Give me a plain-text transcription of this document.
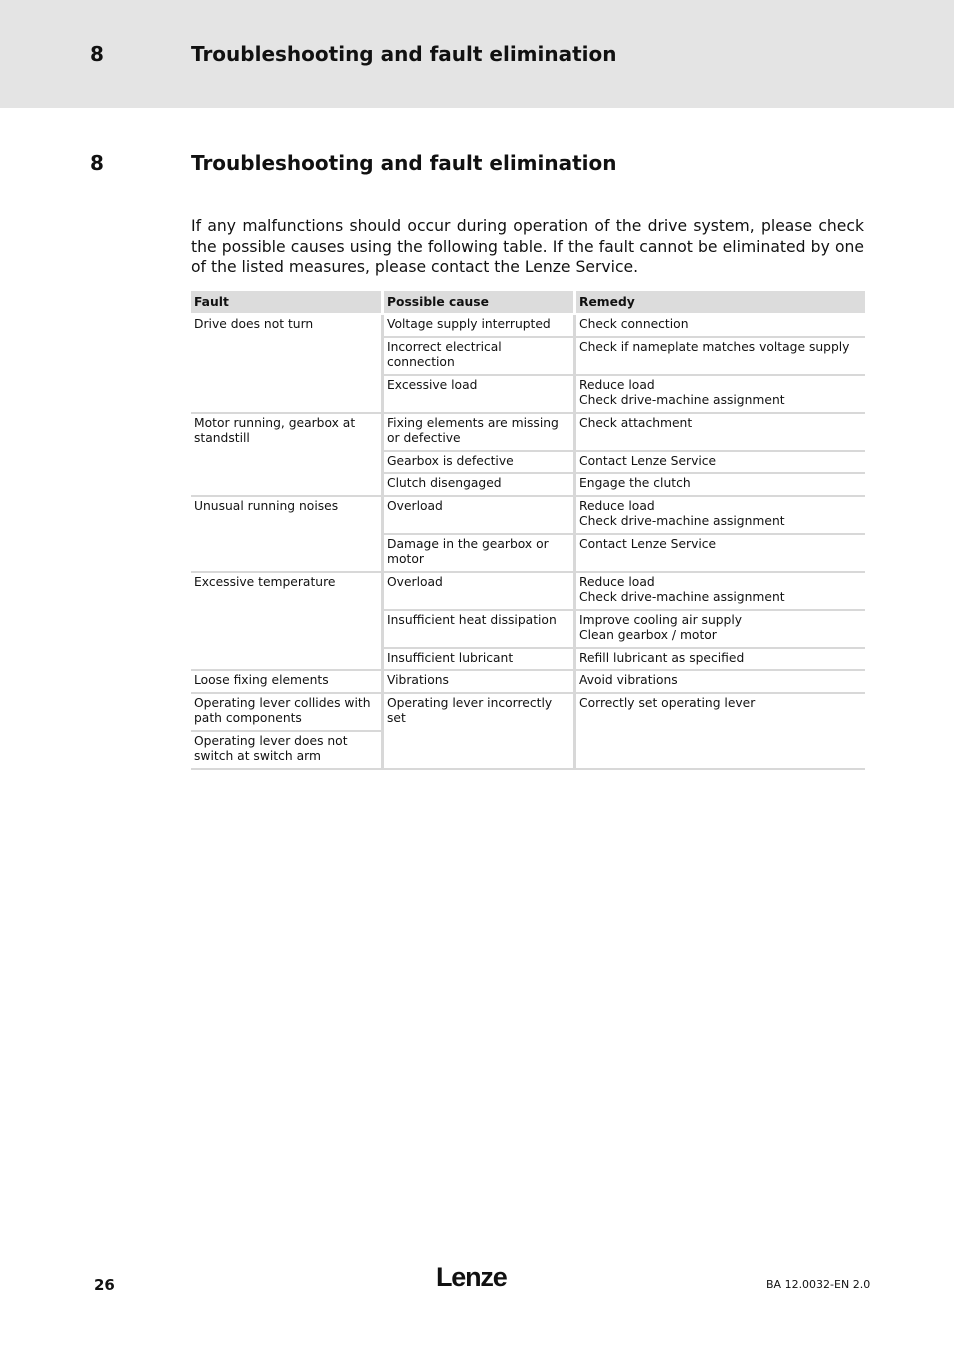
8	Troubleshooting and fault elimination
8	Troubleshooting and fault elimination

If any malfunctions should occur during operation of the drive system, please check the possible causes using the following table. If the fault cannot be eliminated by one of the listed measures, please contact the Lenze Service.

Fault	Possible cause	Remedy
Drive does not turn	Voltage supply interrupted	Check connection
	Incorrect electrical connection	Check if nameplate matches voltage supply
	Excessive load	Reduce load
Check drive-machine assignment

Motor running, gearbox at standstill	Fixing elements are missing or defective	Check attachment
	Gearbox is defective	Contact Lenze Service
	Clutch disengaged	Engage the clutch
Unusual running noises	Overload	Reduce load
Check drive-machine assignment

	Damage in the gearbox or motor	Contact Lenze Service
Excessive temperature	Overload	Reduce load
Check drive-machine assignment

	Insufficient heat dissipation	Improve cooling air supply
Clean gearbox / motor

	Insufficient lubricant	Refill lubricant as specified
Loose fixing elements	Vibrations	Avoid vibrations
Operating lever collides with path components	Operating lever incorrectly set	Correctly set operating lever
Operating lever does not switch at switch arm		
26	Lenze	BA 12.0032-EN 2.0
